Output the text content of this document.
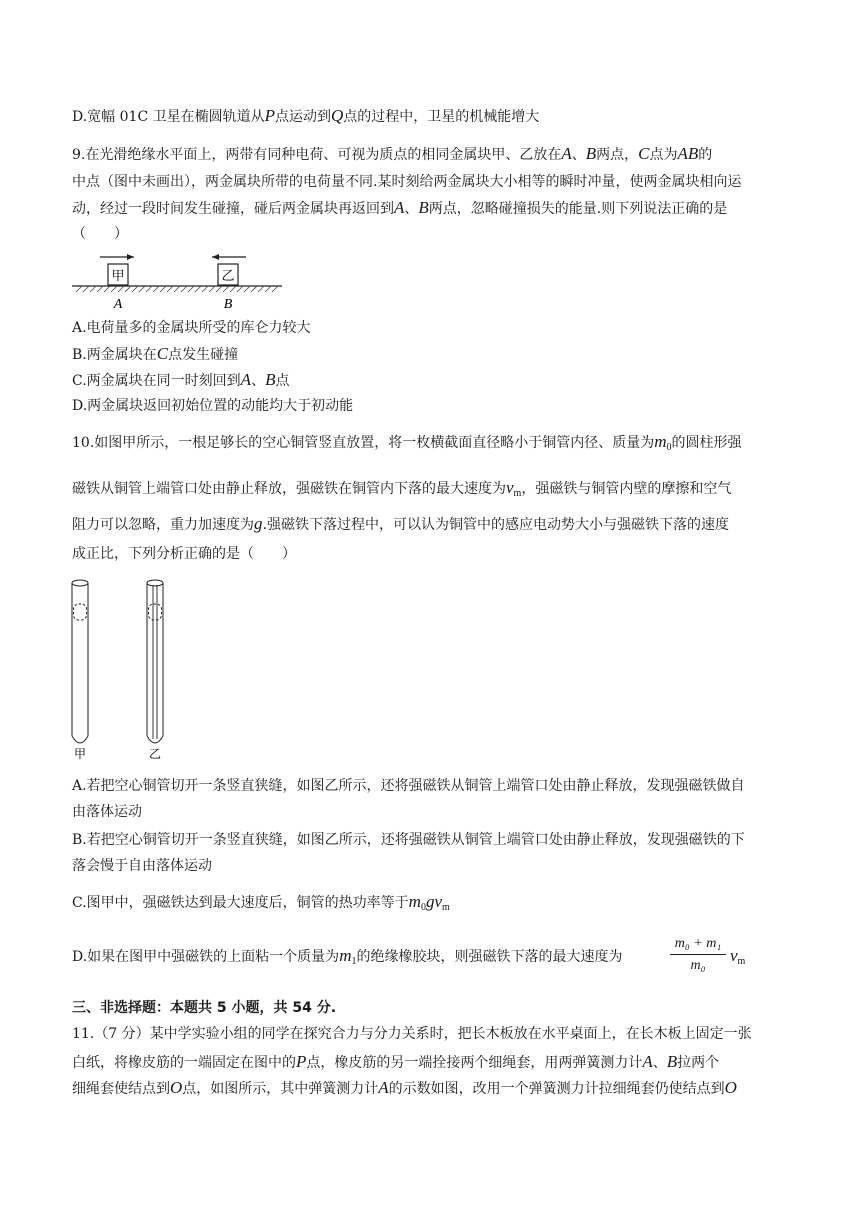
D.宽幅 01C 卫星在椭圆轨道从P点运动到Q点的过程中，卫星的机械能增大
9.在光滑绝缘水平面上，两带有同种电荷、可视为质点的相同金属块甲、乙放在A、B两点，C点为AB的
中点（图中未画出），两金属块所带的电荷量不同.某时刻给两金属块大小相等的瞬时冲量，使两金属块相向运
动，经过一段时间发生碰撞，碰后两金属块再返回到A、B两点，忽略碰撞损失的能量.则下列说法正确的是
（　　）
甲	乙
A	B
A.电荷量多的金属块所受的库仑力较大
B.两金属块在C点发生碰撞
C.两金属块在同一时刻回到A、B点
D.两金属块返回初始位置的动能均大于初动能
10.如图甲所示，一根足够长的空心铜管竖直放置，将一枚横截面直径略小于铜管内径、质量为$m_0$的圆柱形强
磁铁从铜管上端管口处由静止释放，强磁铁在铜管内下落的最大速度为$v_m$，强磁铁与铜管内壁的摩擦和空气
阻力可以忽略，重力加速度为g.强磁铁下落过程中，可以认为铜管中的感应电动势大小与强磁铁下落的速度
成正比，下列分析正确的是（　　）
甲	乙
A.若把空心铜管切开一条竖直狭缝，如图乙所示，还将强磁铁从铜管上端管口处由静止释放，发现强磁铁做自
由落体运动
B.若把空心铜管切开一条竖直狭缝，如图乙所示，还将强磁铁从铜管上端管口处由静止释放，发现强磁铁的下
落会慢于自由落体运动
C.图甲中，强磁铁达到最大速度后，铜管的热功率等于$m_0gv_m$
D.如果在图甲中强磁铁的上面粘一个质量为$m_1$的绝缘橡胶块，则强磁铁下落的最大速度为
m₀ + m₁
m₀
$v_m$
三、非选择题：本题共 5 小题，共 54 分.
11.（7 分）某中学实验小组的同学在探究合力与分力关系时，把长木板放在水平桌面上，在长木板上固定一张
白纸，将橡皮筋的一端固定在图中的P点，橡皮筋的另一端拴接两个细绳套，用两弹簧测力计A、B拉两个
细绳套使结点到O点，如图所示，其中弹簧测力计A的示数如图，改用一个弹簧测力计拉细绳套仍使结点到O
